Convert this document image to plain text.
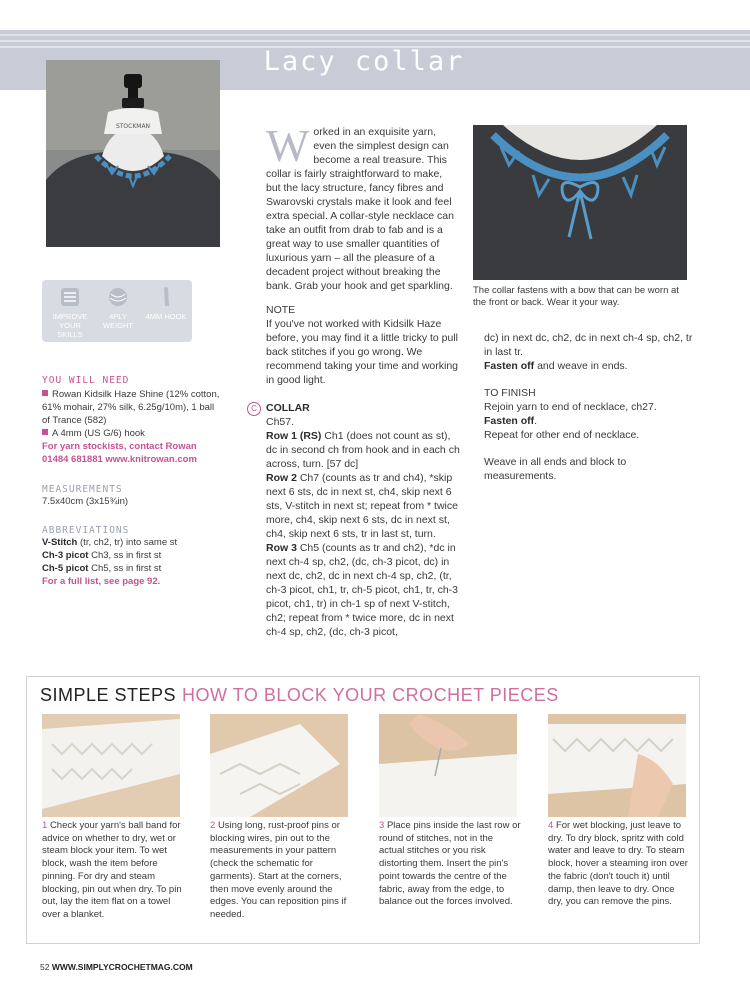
Lacy collar
STOCKMAN
IMPROVE YOUR SKILLS
4PLY WEIGHT
4MM HOOK
YOU WILL NEED
Rowan Kidsilk Haze Shine (12% cotton, 61% mohair, 27% silk, 6.25g/10m), 1 ball of Trance (582)
A 4mm (US G/6) hook
For yarn stockists, contact Rowan 01484 681881 www.knitrowan.com
MEASUREMENTS
7.5x40cm (3x15¾in)
ABBREVIATIONS
V-Stitch (tr, ch2, tr) into same st
Ch-3 picot Ch3, ss in first st
Ch-5 picot Ch5, ss in first st
For a full list, see page 92.
Worked in an exquisite yarn, even the simplest design can become a real treasure. This collar is fairly straightforward to make, but the lacy structure, fancy fibres and Swarovski crystals make it look and feel extra special. A collar-style necklace can take an outfit from drab to fab and is a great way to use smaller quantities of luxurious yarn – all the pleasure of a decadent project without breaking the bank. Grab your hook and get sparkling.
NOTE
If you've not worked with Kidsilk Haze before, you may find it a little tricky to pull back stitches if you go wrong. We recommend taking your time and working in good light.
C COLLAR
Ch57.
Row 1 (RS) Ch1 (does not count as st), dc in second ch from hook and in each ch across, turn. [57 dc]
Row 2 Ch7 (counts as tr and ch4), *skip next 6 sts, dc in next st, ch4, skip next 6 sts, V-stitch in next st; repeat from * twice more, ch4, skip next 6 sts, dc in next st, ch4, skip next 6 sts, tr in last st, turn.
Row 3 Ch5 (counts as tr and ch2), *dc in next ch-4 sp, ch2, (dc, ch-3 picot, dc) in next dc, ch2, dc in next ch-4 sp, ch2, (tr, ch-3 picot, ch1, tr, ch-5 picot, ch1, tr, ch-3 picot, ch1, tr) in ch-1 sp of next V-stitch, ch2; repeat from * twice more, dc in next ch-4 sp, ch2, (dc, ch-3 picot,
The collar fastens with a bow that can be worn at the front or back. Wear it your way.
dc) in next dc, ch2, dc in next ch-4 sp, ch2, tr in last tr.
Fasten off and weave in ends.
TO FINISH
Rejoin yarn to end of necklace, ch27.
Fasten off.
Repeat for other end of necklace.
Weave in all ends and block to measurements.
SIMPLE STEPS HOW TO BLOCK YOUR CROCHET PIECES
1 Check your yarn's ball band for advice on whether to dry, wet or steam block your item. To wet block, wash the item before pinning. For dry and steam blocking, pin out when dry. To pin out, lay the item flat on a towel over a blanket.
2 Using long, rust-proof pins or blocking wires, pin out to the measurements in your pattern (check the schematic for garments). Start at the corners, then move evenly around the edges. You can reposition pins if needed.
3 Place pins inside the last row or round of stitches, not in the actual stitches or you risk distorting them. Insert the pin's point towards the centre of the fabric, away from the edge, to balance out the forces involved.
4 For wet blocking, just leave to dry. To dry block, spritz with cold water and leave to dry. To steam block, hover a steaming iron over the fabric (don't touch it) until damp, then leave to dry. Once dry, you can remove the pins.
52 WWW.SIMPLYCROCHETMAG.COM
